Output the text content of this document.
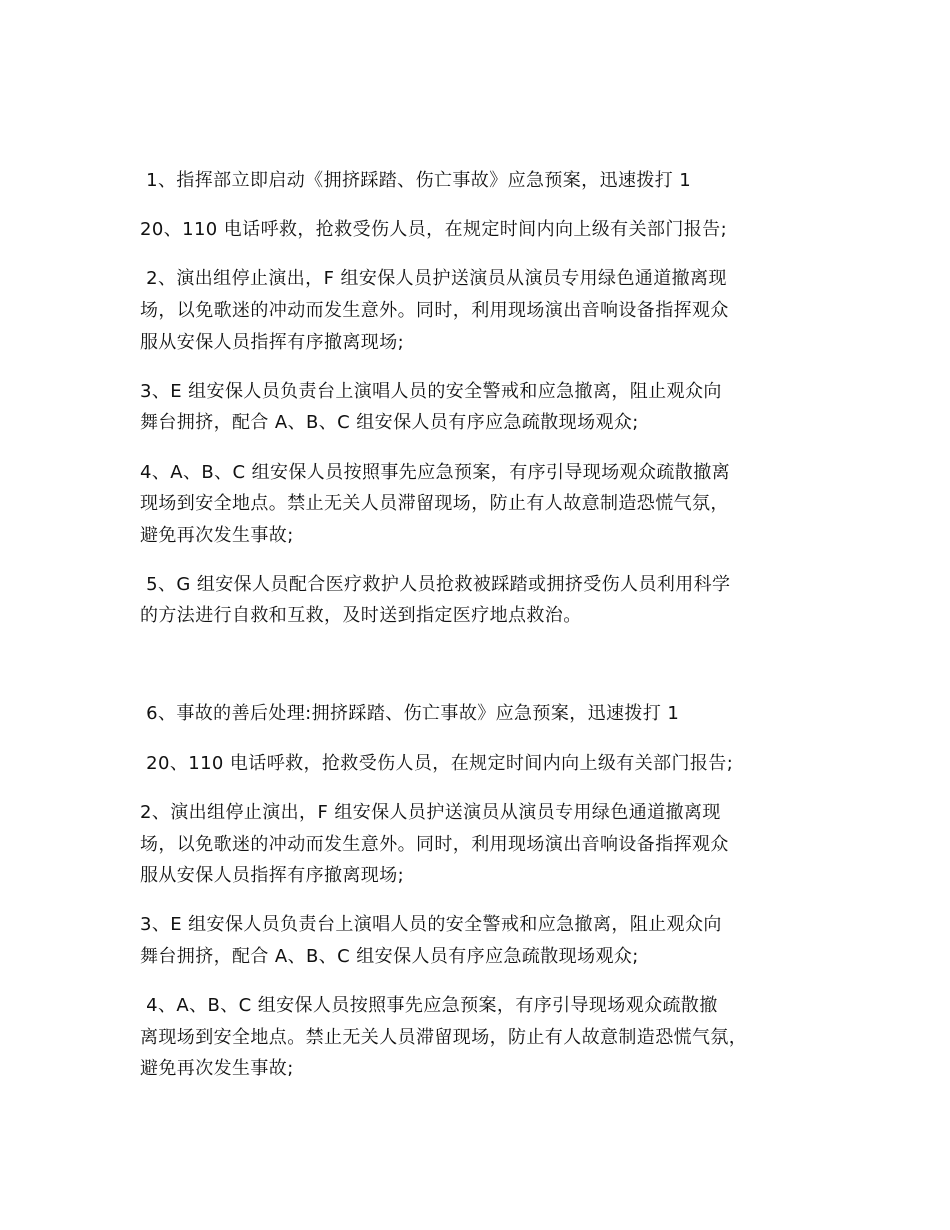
1、指挥部立即启动《拥挤踩踏、伤亡事故》应急预案，迅速拨打 1
20、110 电话呼救，抢救受伤人员，在规定时间内向上级有关部门报告;
2、演出组停止演出，F 组安保人员护送演员从演员专用绿色通道撤离现
场，以免歌迷的冲动而发生意外。同时，利用现场演出音响设备指挥观众
服从安保人员指挥有序撤离现场;
3、E 组安保人员负责台上演唱人员的安全警戒和应急撤离，阻止观众向
舞台拥挤，配合 A、B、C 组安保人员有序应急疏散现场观众;
4、A、B、C 组安保人员按照事先应急预案，有序引导现场观众疏散撤离
现场到安全地点。禁止无关人员滞留现场，防止有人故意制造恐慌气氛，
避免再次发生事故;
5、G 组安保人员配合医疗救护人员抢救被踩踏或拥挤受伤人员利用科学
的方法进行自救和互救，及时送到指定医疗地点救治。
6、事故的善后处理:拥挤踩踏、伤亡事故》应急预案，迅速拨打 1
20、110 电话呼救，抢救受伤人员，在规定时间内向上级有关部门报告;
2、演出组停止演出，F 组安保人员护送演员从演员专用绿色通道撤离现
场，以免歌迷的冲动而发生意外。同时，利用现场演出音响设备指挥观众
服从安保人员指挥有序撤离现场;
3、E 组安保人员负责台上演唱人员的安全警戒和应急撤离，阻止观众向
舞台拥挤，配合 A、B、C 组安保人员有序应急疏散现场观众;
4、A、B、C 组安保人员按照事先应急预案，有序引导现场观众疏散撤
离现场到安全地点。禁止无关人员滞留现场，防止有人故意制造恐慌气氛，
避免再次发生事故;
